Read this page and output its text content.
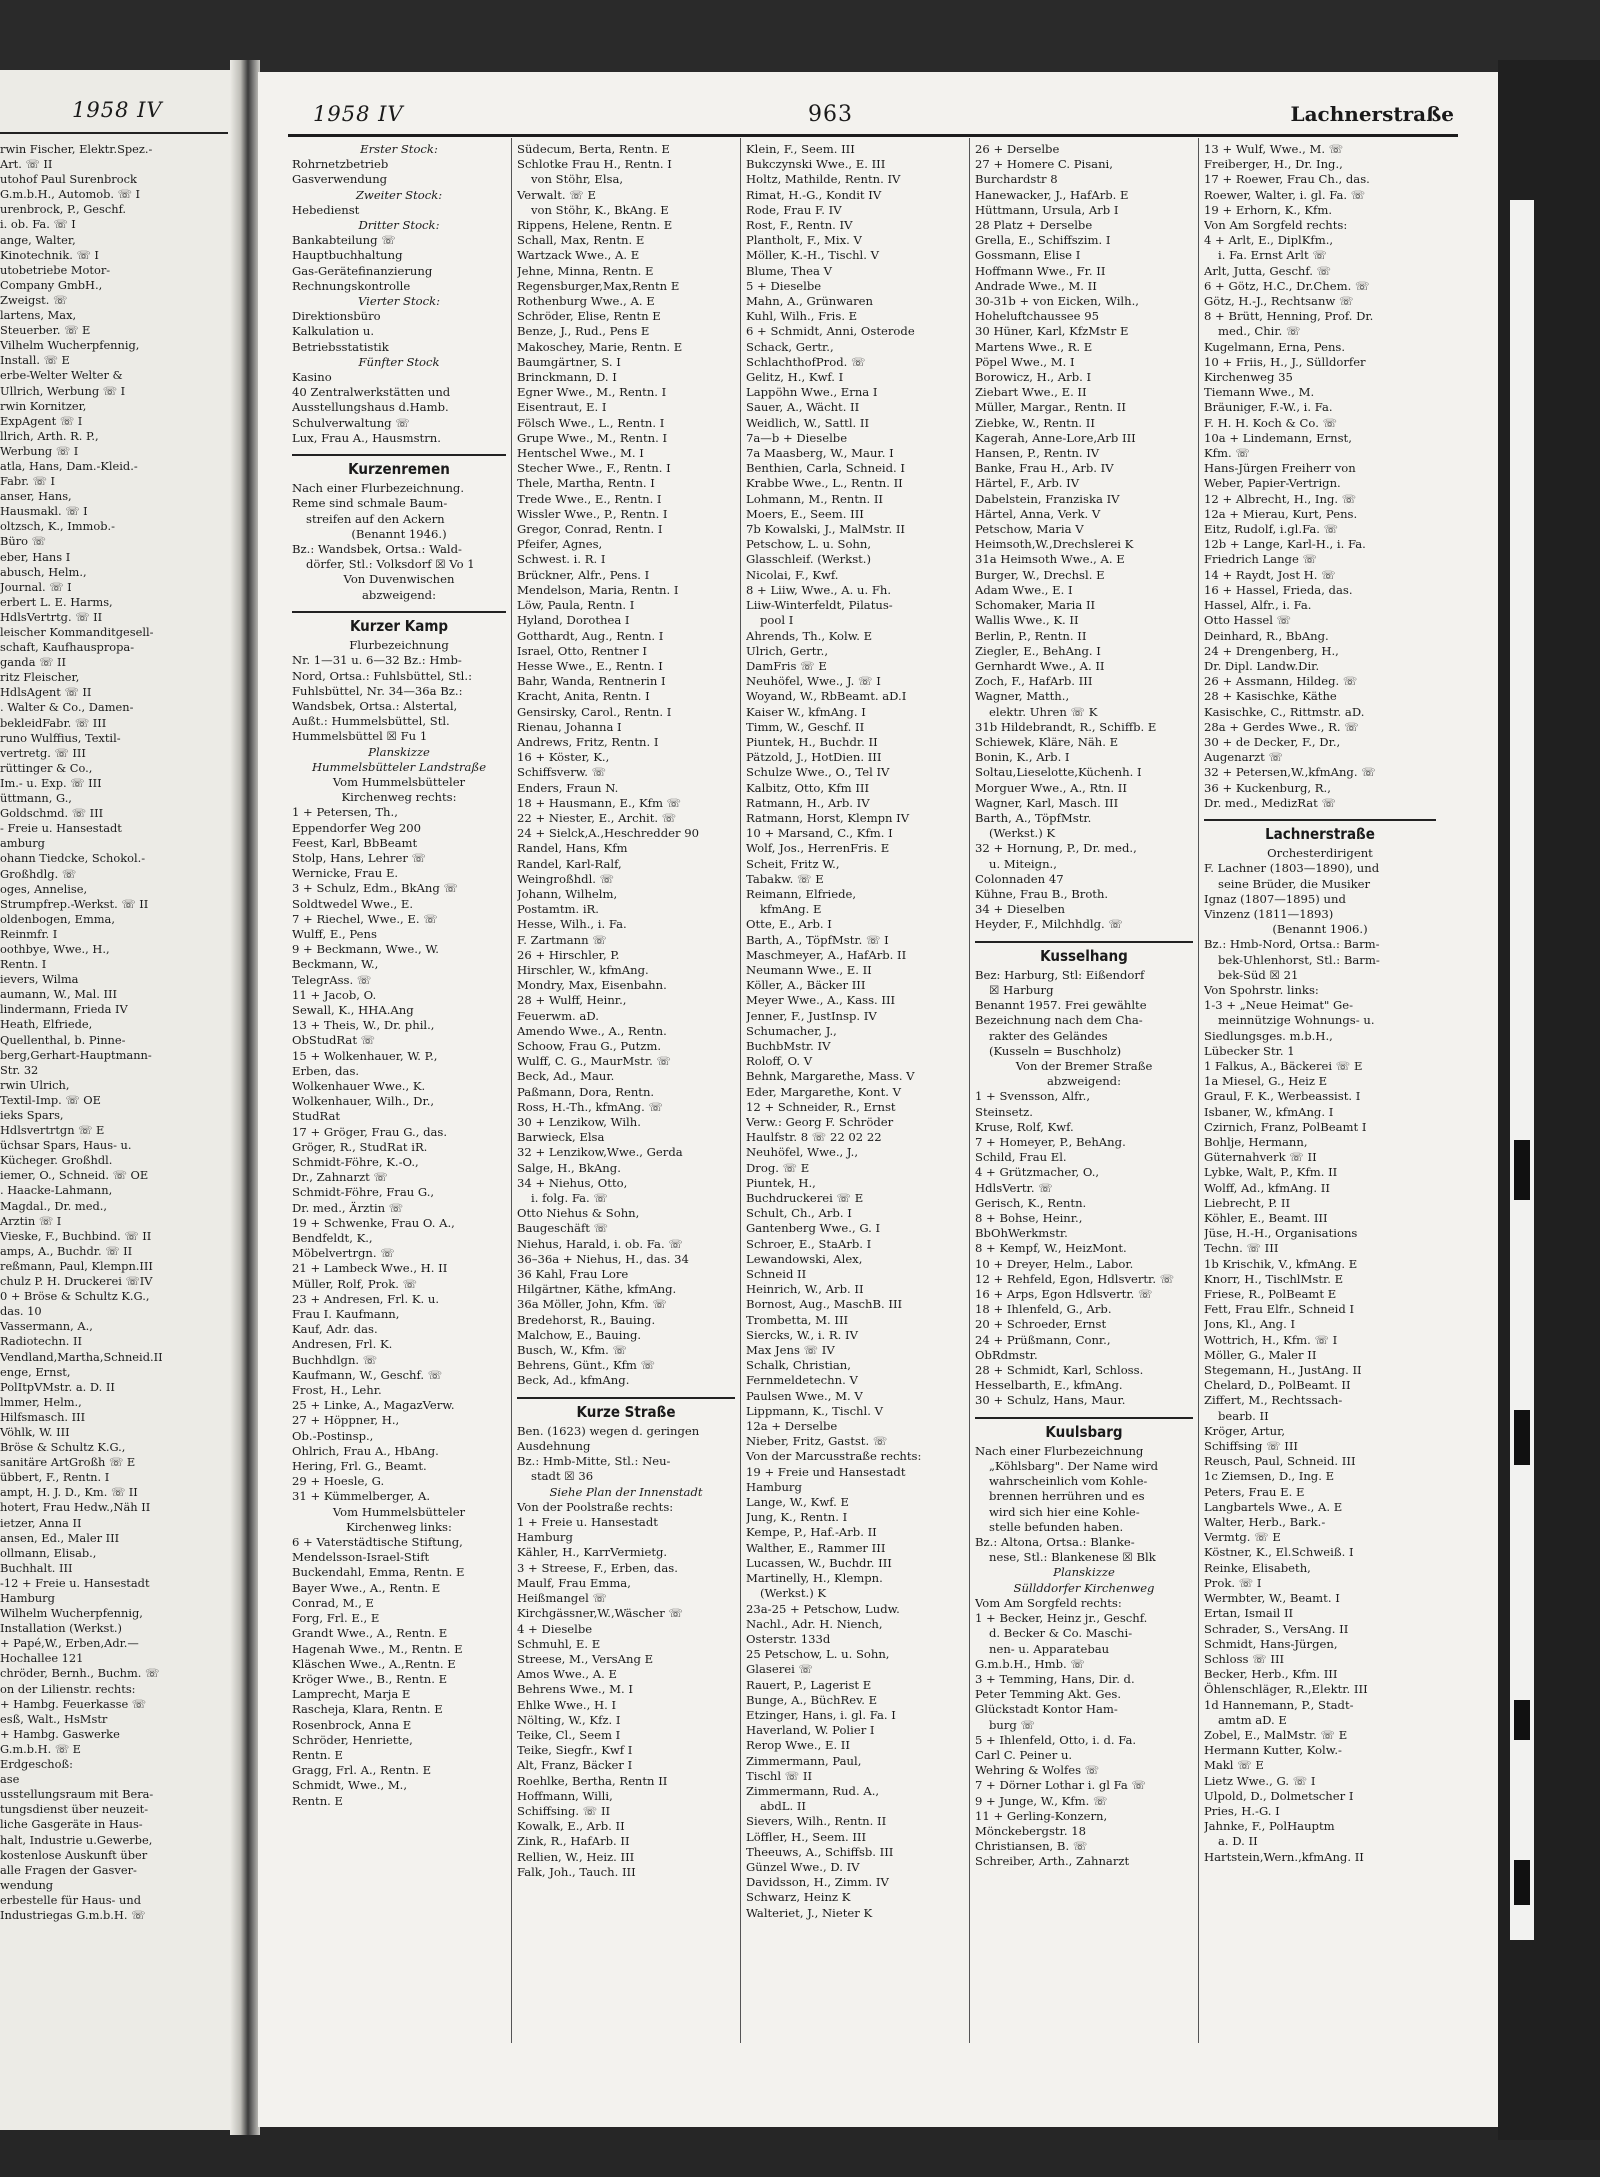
1958 IV
rwin Fischer, Elektr.Spez.-
Art. ☏ II
utohof Paul Surenbrock
G.m.b.H., Automob. ☏ I
urenbrock, P., Geschf.
i. ob. Fa. ☏ I
ange, Walter,
Kinotechnik. ☏ I
utobetriebe Motor-
Company GmbH.,
Zweigst. ☏
lartens, Max,
Steuerber. ☏ E
Vilhelm Wucherpfennig,
Install. ☏ E
erbe-Welter Welter &
Ullrich, Werbung ☏ I
rwin Kornitzer,
ExpAgent ☏ I
llrich, Arth. R. P.,
Werbung ☏ I
atla, Hans, Dam.-Kleid.-
Fabr. ☏ I
anser, Hans,
Hausmakl. ☏ I
oltzsch, K., Immob.-
Büro ☏
eber, Hans I
abusch, Helm.,
Journal. ☏ I
erbert L. E. Harms,
HdlsVertrtg. ☏ II
leischer Kommanditgesell-
schaft, Kaufhauspropa-
ganda ☏ II
ritz Fleischer,
HdlsAgent ☏ II
. Walter & Co., Damen-
bekleidFabr. ☏ III
runo Wulffius, Textil-
vertretg. ☏ III
rüttinger & Co.,
Im.- u. Exp. ☏ III
üttmann, G.,
Goldschmd. ☏ III
- Freie u. Hansestadt
amburg
ohann Tiedcke, Schokol.-
Großhdlg. ☏
oges, Annelise,
Strumpfrep.-Werkst. ☏ II
oldenbogen, Emma,
Reinmfr. I
oothbye, Wwe., H.,
Rentn. I
ievers, Wilma
aumann, W., Mal. III
lindermann, Frieda IV
Heath, Elfriede,
Quellenthal, b. Pinne-
berg,Gerhart-Hauptmann-
Str. 32
rwin Ulrich,
Textil-Imp. ☏ OE
ieks Spars,
Hdlsvertrtgn ☏ E
üchsar Spars, Haus- u.
Kücheger. Großhdl.
iemer, O., Schneid. ☏ OE
. Haacke-Lahmann,
Magdal., Dr. med.,
Arztin ☏ I
Vieske, F., Buchbind. ☏ II
amps, A., Buchdr. ☏ II
reßmann, Paul, Klempn.III
chulz P. H. Druckerei ☏IV
0 + Bröse & Schultz K.G.,
das. 10
Vassermann, A.,
Radiotechn. II
Vendland,Martha,Schneid.II
enge, Ernst,
PolItpVMstr. a. D. II
lmmer, Helm.,
Hilfsmasch. III
Vöhlk, W. III
Bröse & Schultz K.G.,
sanitäre ArtGroßh ☏ E
übbert, F., Rentn. I
ampt, H. J. D., Km. ☏ II
hotert, Frau Hedw.,Näh II
ietzer, Anna II
ansen, Ed., Maler III
ollmann, Elisab.,
Buchhalt. III
-12 + Freie u. Hansestadt
Hamburg
Wilhelm Wucherpfennig,
Installation (Werkst.)
+ Papé,W., Erben,Adr.—
Hochallee 121
chröder, Bernh., Buchm. ☏
on der Lilienstr. rechts:
+ Hambg. Feuerkasse ☏
esß, Walt., HsMstr
+ Hambg. Gaswerke
G.m.b.H. ☏ E
Erdgeschoß:
ase
usstellungsraum mit Bera-
tungsdienst über neuzeit-
liche Gasgeräte in Haus-
halt, Industrie u.Gewerbe,
kostenlose Auskunft über
alle Fragen der Gasver-
wendung
erbestelle für Haus- und
Industriegas G.m.b.H. ☏
1958 IV	963	Lachnerstraße
Erster Stock:
Rohrnetzbetrieb
Gasverwendung
Zweiter Stock:
Hebedienst
Dritter Stock:
Bankabteilung ☏
Hauptbuchhaltung
Gas-Gerätefinanzierung
Rechnungskontrolle
Vierter Stock:
Direktionsbüro
Kalkulation u.
Betriebsstatistik
Fünfter Stock
Kasino
40 Zentralwerkstätten und
Ausstellungshaus d.Hamb.
Schulverwaltung ☏
Lux, Frau A., Hausmstrn.
Kurzenremen
Nach einer Flurbezeichnung.
Reme sind schmale Baum-
streifen auf den Ackern
(Benannt 1946.)
Bz.: Wandsbek, Ortsa.: Wald-
dörfer, Stl.: Volksdorf ☒ Vo 1
Von Duvenwischen
abzweigend:
Kurzer Kamp
Flurbezeichnung
Nr. 1—31 u. 6—32 Bz.: Hmb-
Nord, Ortsa.: Fuhlsbüttel, Stl.:
Fuhlsbüttel, Nr. 34—36a Bz.:
Wandsbek, Ortsa.: Alstertal,
Außt.: Hummelsbüttel, Stl.
Hummelsbüttel ☒ Fu 1
Planskizze
Hummelsbütteler Landstraße
Vom Hummelsbütteler
Kirchenweg rechts:
1 + Petersen, Th.,
Eppendorfer Weg 200
Feest, Karl, BbBeamt
Stolp, Hans, Lehrer ☏
Wernicke, Frau E.
3 + Schulz, Edm., BkAng ☏
Soldtwedel Wwe., E.
7 + Riechel, Wwe., E. ☏
Wulff, E., Pens
9 + Beckmann, Wwe., W.
Beckmann, W.,
TelegrAss. ☏
11 + Jacob, O.
Sewall, K., HHA.Ang
13 + Theis, W., Dr. phil.,
ObStudRat ☏
15 + Wolkenhauer, W. P.,
Erben, das.
Wolkenhauer Wwe., K.
Wolkenhauer, Wilh., Dr.,
StudRat
17 + Gröger, Frau G., das.
Gröger, R., StudRat iR.
Schmidt-Föhre, K.-O.,
Dr., Zahnarzt ☏
Schmidt-Föhre, Frau G.,
Dr. med., Ärztin ☏
19 + Schwenke, Frau O. A.,
Bendfeldt, K.,
Möbelvertrgn. ☏
21 + Lambeck Wwe., H. II
Müller, Rolf, Prok. ☏
23 + Andresen, Frl. K. u.
Frau I. Kaufmann,
Kauf, Adr. das.
Andresen, Frl. K.
Buchhdlgn. ☏
Kaufmann, W., Geschf. ☏
Frost, H., Lehr.
25 + Linke, A., MagazVerw.
27 + Höppner, H.,
Ob.-Postinsp.,
Ohlrich, Frau A., HbAng.
Hering, Frl. G., Beamt.
29 + Hoesle, G.
31 + Kümmelberger, A.
Vom Hummelsbütteler
Kirchenweg links:
6 + Vaterstädtische Stiftung,
Mendelsson-Israel-Stift
Buckendahl, Emma, Rentn. E
Bayer Wwe., A., Rentn. E
Conrad, M., E
Forg, Frl. E., E
Grandt Wwe., A., Rentn. E
Hagenah Wwe., M., Rentn. E
Kläschen Wwe., A.,Rentn. E
Kröger Wwe., B., Rentn. E
Lamprecht, Marja E
Rascheja, Klara, Rentn. E
Rosenbrock, Anna E
Schröder, Henriette,
Rentn. E
Gragg, Frl. A., Rentn. E
Schmidt, Wwe., M.,
Rentn. E
Südecum, Berta, Rentn. E
Schlotke Frau H., Rentn. I
von Stöhr, Elsa,
Verwalt. ☏ E
von Stöhr, K., BkAng. E
Rippens, Helene, Rentn. E
Schall, Max, Rentn. E
Wartzack Wwe., A. E
Jehne, Minna, Rentn. E
Regensburger,Max,Rentn E
Rothenburg Wwe., A. E
Schröder, Elise, Rentn E
Benze, J., Rud., Pens E
Makoschey, Marie, Rentn. E
Baumgärtner, S. I
Brinckmann, D. I
Egner Wwe., M., Rentn. I
Eisentraut, E. I
Fölsch Wwe., L., Rentn. I
Grupe Wwe., M., Rentn. I
Hentschel Wwe., M. I
Stecher Wwe., F., Rentn. I
Thele, Martha, Rentn. I
Trede Wwe., E., Rentn. I
Wissler Wwe., P., Rentn. I
Gregor, Conrad, Rentn. I
Pfeifer, Agnes,
Schwest. i. R. I
Brückner, Alfr., Pens. I
Mendelson, Maria, Rentn. I
Löw, Paula, Rentn. I
Hyland, Dorothea I
Gotthardt, Aug., Rentn. I
Israel, Otto, Rentner I
Hesse Wwe., E., Rentn. I
Bahr, Wanda, Rentnerin I
Kracht, Anita, Rentn. I
Gensirsky, Carol., Rentn. I
Rienau, Johanna I
Andrews, Fritz, Rentn. I
16 + Köster, K.,
Schiffsverw. ☏
Enders, Fraun N.
18 + Hausmann, E., Kfm ☏
22 + Niester, E., Archit. ☏
24 + Sielck,A.,Heschredder 90
Randel, Hans, Kfm
Randel, Karl-Ralf,
Weingroßhdl. ☏
Johann, Wilhelm,
Postamtm. iR.
Hesse, Wilh., i. Fa.
F. Zartmann ☏
26 + Hirschler, P.
Hirschler, W., kfmAng.
Mondry, Max, Eisenbahn.
28 + Wulff, Heinr.,
Feuerwm. aD.
Amendo Wwe., A., Rentn.
Schoow, Frau G., Putzm.
Wulff, C. G., MaurMstr. ☏
Beck, Ad., Maur.
Paßmann, Dora, Rentn.
Ross, H.-Th., kfmAng. ☏
30 + Lenzikow, Wilh.
Barwieck, Elsa
32 + Lenzikow,Wwe., Gerda
Salge, H., BkAng.
34 + Niehus, Otto,
i. folg. Fa. ☏
Otto Niehus & Sohn,
Baugeschäft ☏
Niehus, Harald, i. ob. Fa. ☏
36–36a + Niehus, H., das. 34
36 Kahl, Frau Lore
Hilgärtner, Käthe, kfmAng.
36a Möller, John, Kfm. ☏
Bredehorst, R., Bauing.
Malchow, E., Bauing.
Busch, W., Kfm. ☏
Behrens, Günt., Kfm ☏
Beck, Ad., kfmAng.
Kurze Straße
Ben. (1623) wegen d. geringen
Ausdehnung
Bz.: Hmb-Mitte, Stl.: Neu-
stadt ☒ 36
Siehe Plan der Innenstadt
Von der Poolstraße rechts:
1 + Freie u. Hansestadt
Hamburg
Kähler, H., KarrVermietg.
3 + Streese, F., Erben, das.
Maulf, Frau Emma,
Heißmangel ☏
Kirchgässner,W.,Wäscher ☏
4 + Dieselbe
Schmuhl, E. E
Streese, M., VersAng E
Amos Wwe., A. E
Behrens Wwe., M. I
Ehlke Wwe., H. I
Nölting, W., Kfz. I
Teike, Cl., Seem I
Teike, Siegfr., Kwf I
Alt, Franz, Bäcker I
Roehlke, Bertha, Rentn II
Hoffmann, Willi,
Schiffsing. ☏ II
Kowalk, E., Arb. II
Zink, R., HafArb. II
Rellien, W., Heiz. III
Falk, Joh., Tauch. III
Klein, F., Seem. III
Bukczynski Wwe., E. III
Holtz, Mathilde, Rentn. IV
Rimat, H.-G., Kondit IV
Rode, Frau F. IV
Rost, F., Rentn. IV
Plantholt, F., Mix. V
Möller, K.-H., Tischl. V
Blume, Thea V
5 + Dieselbe
Mahn, A., Grünwaren
Kuhl, Wilh., Fris. E
6 + Schmidt, Anni, Osterode
Schack, Gertr.,
SchlachthofProd. ☏
Gelitz, H., Kwf. I
Lappöhn Wwe., Erna I
Sauer, A., Wächt. II
Weidlich, W., Sattl. II
7a—b + Dieselbe
7a Maasberg, W., Maur. I
Benthien, Carla, Schneid. I
Krabbe Wwe., L., Rentn. II
Lohmann, M., Rentn. II
Moers, E., Seem. III
7b Kowalski, J., MalMstr. II
Petschow, L. u. Sohn,
Glasschleif. (Werkst.)
Nicolai, F., Kwf.
8 + Liiw, Wwe., A. u. Fh.
Liiw-Winterfeldt, Pilatus-
pool I
Ahrends, Th., Kolw. E
Ulrich, Gertr.,
DamFris ☏ E
Neuhöfel, Wwe., J. ☏ I
Woyand, W., RbBeamt. aD.I
Kaiser W., kfmAng. I
Timm, W., Geschf. II
Piuntek, H., Buchdr. II
Pätzold, J., HotDien. III
Schulze Wwe., O., Tel IV
Kalbitz, Otto, Kfm III
Ratmann, H., Arb. IV
Ratmann, Horst, Klempn IV
10 + Marsand, C., Kfm. I
Wolf, Jos., HerrenFris. E
Scheit, Fritz W.,
Tabakw. ☏ E
Reimann, Elfriede,
kfmAng. E
Otte, E., Arb. I
Barth, A., TöpfMstr. ☏ I
Maschmeyer, A., HafArb. II
Neumann Wwe., E. II
Köller, A., Bäcker III
Meyer Wwe., A., Kass. III
Jenner, F., JustInsp. IV
Schumacher, J.,
BuchbMstr. IV
Roloff, O. V
Behnk, Margarethe, Mass. V
Eder, Margarethe, Kont. V
12 + Schneider, R., Ernst
Verw.: Georg F. Schröder
Haulfstr. 8 ☏ 22 02 22
Neuhöfel, Wwe., J.,
Drog. ☏ E
Piuntek, H.,
Buchdruckerei ☏ E
Schult, Ch., Arb. I
Gantenberg Wwe., G. I
Schroer, E., StaArb. I
Lewandowski, Alex,
Schneid II
Heinrich, W., Arb. II
Bornost, Aug., MaschB. III
Trombetta, M. III
Siercks, W., i. R. IV
Max Jens ☏ IV
Schalk, Christian,
Fernmeldetechn. V
Paulsen Wwe., M. V
Lippmann, K., Tischl. V
12a + Derselbe
Nieber, Fritz, Gastst. ☏
Von der Marcusstraße rechts:
19 + Freie und Hansestadt
Hamburg
Lange, W., Kwf. E
Jung, K., Rentn. I
Kempe, P., Haf.-Arb. II
Walther, E., Rammer III
Lucassen, W., Buchdr. III
Martinelly, H., Klempn.
(Werkst.) K
23a-25 + Petschow, Ludw.
Nachl., Adr. H. Niench,
Osterstr. 133d
25 Petschow, L. u. Sohn,
Glaserei ☏
Rauert, P., Lagerist E
Bunge, A., BüchRev. E
Etzinger, Hans, i. gl. Fa. I
Haverland, W. Polier I
Rerop Wwe., E. II
Zimmermann, Paul,
Tischl ☏ II
Zimmermann, Rud. A.,
abdL. II
Sievers, Wilh., Rentn. II
Löffler, H., Seem. III
Theeuws, A., Schiffsb. III
Günzel Wwe., D. IV
Davidsson, H., Zimm. IV
Schwarz, Heinz K
Walteriet, J., Nieter K
26 + Derselbe
27 + Homere C. Pisani,
Burchardstr 8
Hanewacker, J., HafArb. E
Hüttmann, Ursula, Arb I
28 Platz + Derselbe
Grella, E., Schiffszim. I
Gossmann, Elise I
Hoffmann Wwe., Fr. II
Andrade Wwe., M. II
30-31b + von Eicken, Wilh.,
Hoheluftchaussee 95
30 Hüner, Karl, KfzMstr E
Martens Wwe., R. E
Pöpel Wwe., M. I
Borowicz, H., Arb. I
Ziebart Wwe., E. II
Müller, Margar., Rentn. II
Ziebke, W., Rentn. II
Kagerah, Anne-Lore,Arb III
Hansen, P., Rentn. IV
Banke, Frau H., Arb. IV
Härtel, F., Arb. IV
Dabelstein, Franziska IV
Härtel, Anna, Verk. V
Petschow, Maria V
Heimsoth,W.,Drechslerei K
31a Heimsoth Wwe., A. E
Burger, W., Drechsl. E
Adam Wwe., E. I
Schomaker, Maria II
Wallis Wwe., K. II
Berlin, P., Rentn. II
Ziegler, E., BehAng. I
Gernhardt Wwe., A. II
Zoch, F., HafArb. III
Wagner, Matth.,
elektr. Uhren ☏ K
31b Hildebrandt, R., Schiffb. E
Schiewek, Kläre, Näh. E
Bonin, K., Arb. I
Soltau,Lieselotte,Küchenh. I
Morguer Wwe., A., Rtn. II
Wagner, Karl, Masch. III
Barth, A., TöpfMstr.
(Werkst.) K
32 + Hornung, P., Dr. med.,
u. Miteign.,
Colonnaden 47
Kühne, Frau B., Broth.
34 + Dieselben
Heyder, F., Milchhdlg. ☏
Kusselhang
Bez: Harburg, Stl: Eißendorf
☒ Harburg
Benannt 1957. Frei gewählte
Bezeichnung nach dem Cha-
rakter des Geländes
(Kusseln = Buschholz)
Von der Bremer Straße
abzweigend:
1 + Svensson, Alfr.,
Steinsetz.
Kruse, Rolf, Kwf.
7 + Homeyer, P., BehAng.
Schild, Frau El.
4 + Grützmacher, O.,
HdlsVertr. ☏
Gerisch, K., Rentn.
8 + Bohse, Heinr.,
BbOhWerkmstr.
8 + Kempf, W., HeizMont.
10 + Dreyer, Helm., Labor.
12 + Rehfeld, Egon, Hdlsvertr. ☏
16 + Arps, Egon Hdlsvertr. ☏
18 + Ihlenfeld, G., Arb.
20 + Schroeder, Ernst
24 + Prüßmann, Conr.,
ObRdmstr.
28 + Schmidt, Karl, Schloss.
Hesselbarth, E., kfmAng.
30 + Schulz, Hans, Maur.
Kuulsbarg
Nach einer Flurbezeichnung
„Köhlsbarg". Der Name wird
wahrscheinlich vom Kohle-
brennen herrühren und es
wird sich hier eine Kohle-
stelle befunden haben.
Bz.: Altona, Ortsa.: Blanke-
nese, Stl.: Blankenese ☒ Blk
Planskizze
Süllddorfer Kirchenweg
Vom Am Sorgfeld rechts:
1 + Becker, Heinz jr., Geschf.
d. Becker & Co. Maschi-
nen- u. Apparatebau
G.m.b.H., Hmb. ☏
3 + Temming, Hans, Dir. d.
Peter Temming Akt. Ges.
Glückstadt Kontor Ham-
burg ☏
5 + Ihlenfeld, Otto, i. d. Fa.
Carl C. Peiner u.
Wehring & Wolfes ☏
7 + Dörner Lothar i. gl Fa ☏
9 + Junge, W., Kfm. ☏
11 + Gerling-Konzern,
Mönckebergstr. 18
Christiansen, B. ☏
Schreiber, Arth., Zahnarzt
13 + Wulf, Wwe., M. ☏
Freiberger, H., Dr. Ing.,
17 + Roewer, Frau Ch., das.
Roewer, Walter, i. gl. Fa. ☏
19 + Erhorn, K., Kfm.
Von Am Sorgfeld rechts:
4 + Arlt, E., DiplKfm.,
i. Fa. Ernst Arlt ☏
Arlt, Jutta, Geschf. ☏
6 + Götz, H.C., Dr.Chem. ☏
Götz, H.-J., Rechtsanw ☏
8 + Brütt, Henning, Prof. Dr.
med., Chir. ☏
Kugelmann, Erna, Pens.
10 + Friis, H., J., Sülldorfer
Kirchenweg 35
Tiemann Wwe., M.
Bräuniger, F.-W., i. Fa.
F. H. H. Koch & Co. ☏
10a + Lindemann, Ernst,
Kfm. ☏
Hans-Jürgen Freiherr von
Weber, Papier-Vertrign.
12 + Albrecht, H., Ing. ☏
12a + Mierau, Kurt, Pens.
Eitz, Rudolf, i.gl.Fa. ☏
12b + Lange, Karl-H., i. Fa.
Friedrich Lange ☏
14 + Raydt, Jost H. ☏
16 + Hassel, Frieda, das.
Hassel, Alfr., i. Fa.
Otto Hassel ☏
Deinhard, R., BbAng.
24 + Drengenberg, H.,
Dr. Dipl. Landw.Dir.
26 + Assmann, Hildeg. ☏
28 + Kasischke, Käthe
Kasischke, C., Rittmstr. aD.
28a + Gerdes Wwe., R. ☏
30 + de Decker, F., Dr.,
Augenarzt ☏
32 + Petersen,W.,kfmAng. ☏
36 + Kuckenburg, R.,
Dr. med., MedizRat ☏
Lachnerstraße
Orchesterdirigent
F. Lachner (1803—1890), und
seine Brüder, die Musiker
Ignaz (1807—1895) und
Vinzenz (1811—1893)
(Benannt 1906.)
Bz.: Hmb-Nord, Ortsa.: Barm-
bek-Uhlenhorst, Stl.: Barm-
bek-Süd ☒ 21
Von Spohrstr. links:
1-3 + „Neue Heimat" Ge-
meinnützige Wohnungs- u.
Siedlungsges. m.b.H.,
Lübecker Str. 1
1 Falkus, A., Bäckerei ☏ E
1a Miesel, G., Heiz E
Graul, F. K., Werbeassist. I
Isbaner, W., kfmAng. I
Czirnich, Franz, PolBeamt I
Bohlje, Hermann,
Güternahverk ☏ II
Lybke, Walt, P., Kfm. II
Wolff, Ad., kfmAng. II
Liebrecht, P. II
Köhler, E., Beamt. III
Jüse, H.-H., Organisations
Techn. ☏ III
1b Krischik, V., kfmAng. E
Knorr, H., TischlMstr. E
Friese, R., PolBeamt E
Fett, Frau Elfr., Schneid I
Jons, Kl., Ang. I
Wottrich, H., Kfm. ☏ I
Möller, G., Maler II
Stegemann, H., JustAng. II
Chelard, D., PolBeamt. II
Ziffert, M., Rechtssach-
bearb. II
Kröger, Artur,
Schiffsing ☏ III
Reusch, Paul, Schneid. III
1c Ziemsen, D., Ing. E
Peters, Frau E. E
Langbartels Wwe., A. E
Walter, Herb., Bark.-
Vermtg. ☏ E
Köstner, K., El.Schweiß. I
Reinke, Elisabeth,
Prok. ☏ I
Wermbter, W., Beamt. I
Ertan, Ismail II
Schrader, S., VersAng. II
Schmidt, Hans-Jürgen,
Schloss ☏ III
Becker, Herb., Kfm. III
Öhlenschläger, R.,Elektr. III
1d Hannemann, P., Stadt-
amtm aD. E
Zobel, E., MalMstr. ☏ E
Hermann Kutter, Kolw.-
Makl ☏ E
Lietz Wwe., G. ☏ I
Ulpold, D., Dolmetscher I
Pries, H.-G. I
Jahnke, F., PolHauptm
a. D. II
Hartstein,Wern.,kfmAng. II
